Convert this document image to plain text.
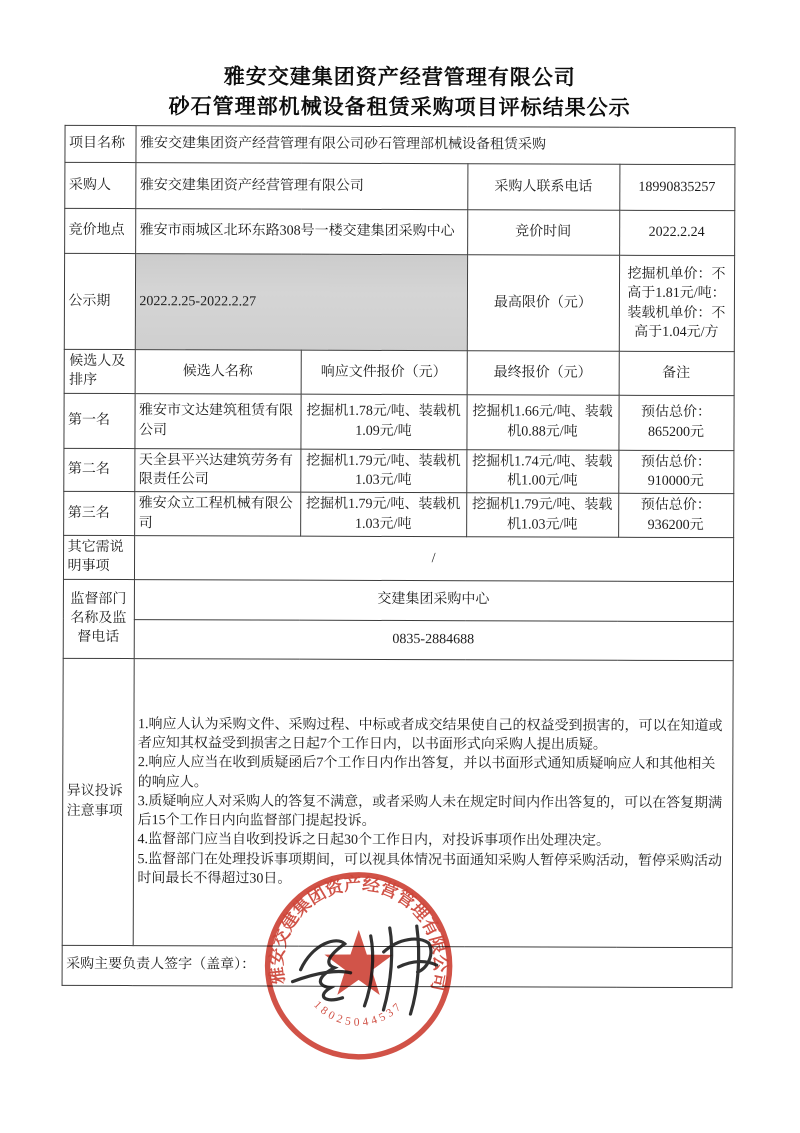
雅安交建集团资产经营管理有限公司
砂石管理部机械设备租赁采购项目评标结果公示
项目名称	雅安交建集团资产经营管理有限公司砂石管理部机械设备租赁采购			
采购人	雅安交建集团资产经营管理有限公司		采购人联系电话	18990835257
竞价地点	雅安市雨城区北环东路308号一楼交建集团采购中心		竞价时间	2022.2.24
公示期	2022.2.25-2022.2.27		最高限价（元）	挖掘机单价：不高于1.81元/吨：装载机单价：不高于1.04元/方
候选人及排序	候选人名称	响应文件报价（元）	最终报价（元）	备注
第一名	雅安市文达建筑租赁有限公司	挖掘机1.78元/吨、装载机1.09元/吨	挖掘机1.66元/吨、装载机0.88元/吨	预估总价：865200元
第二名	天全县平兴达建筑劳务有限责任公司	挖掘机1.79元/吨、装载机1.03元/吨	挖掘机1.74元/吨、装载机1.00元/吨	预估总价：910000元
第三名	雅安众立工程机械有限公司	挖掘机1.79元/吨、装载机1.03元/吨	挖掘机1.79元/吨、装载机1.03元/吨	预估总价：936200元
其它需说明事项	/			
监督部门名称及监督电话	交建集团采购中心			
	0835-2884688			
异议投诉注意事项	1.响应人认为采购文件、采购过程、中标或者成交结果使自己的权益受到损害的，可以在知道或者应知其权益受到损害之日起7个工作日内，以书面形式向采购人提出质疑。

2.响应人应当在收到质疑函后7个工作日内作出答复，并以书面形式通知质疑响应人和其他相关的响应人。

3.质疑响应人对采购人的答复不满意，或者采购人未在规定时间内作出答复的，可以在答复期满后15个工作日内向监督部门提起投诉。

4.监督部门应当自收到投诉之日起30个工作日内，对投诉事项作出处理决定。

5.监督部门在处理投诉事项期间，可以视具体情况书面通知采购人暂停采购活动，暂停采购活动时间最长不得超过30日。			

采购主要负责人签字（盖章）：				
雅安交建集团资产经营管理有限公司
18025044537
